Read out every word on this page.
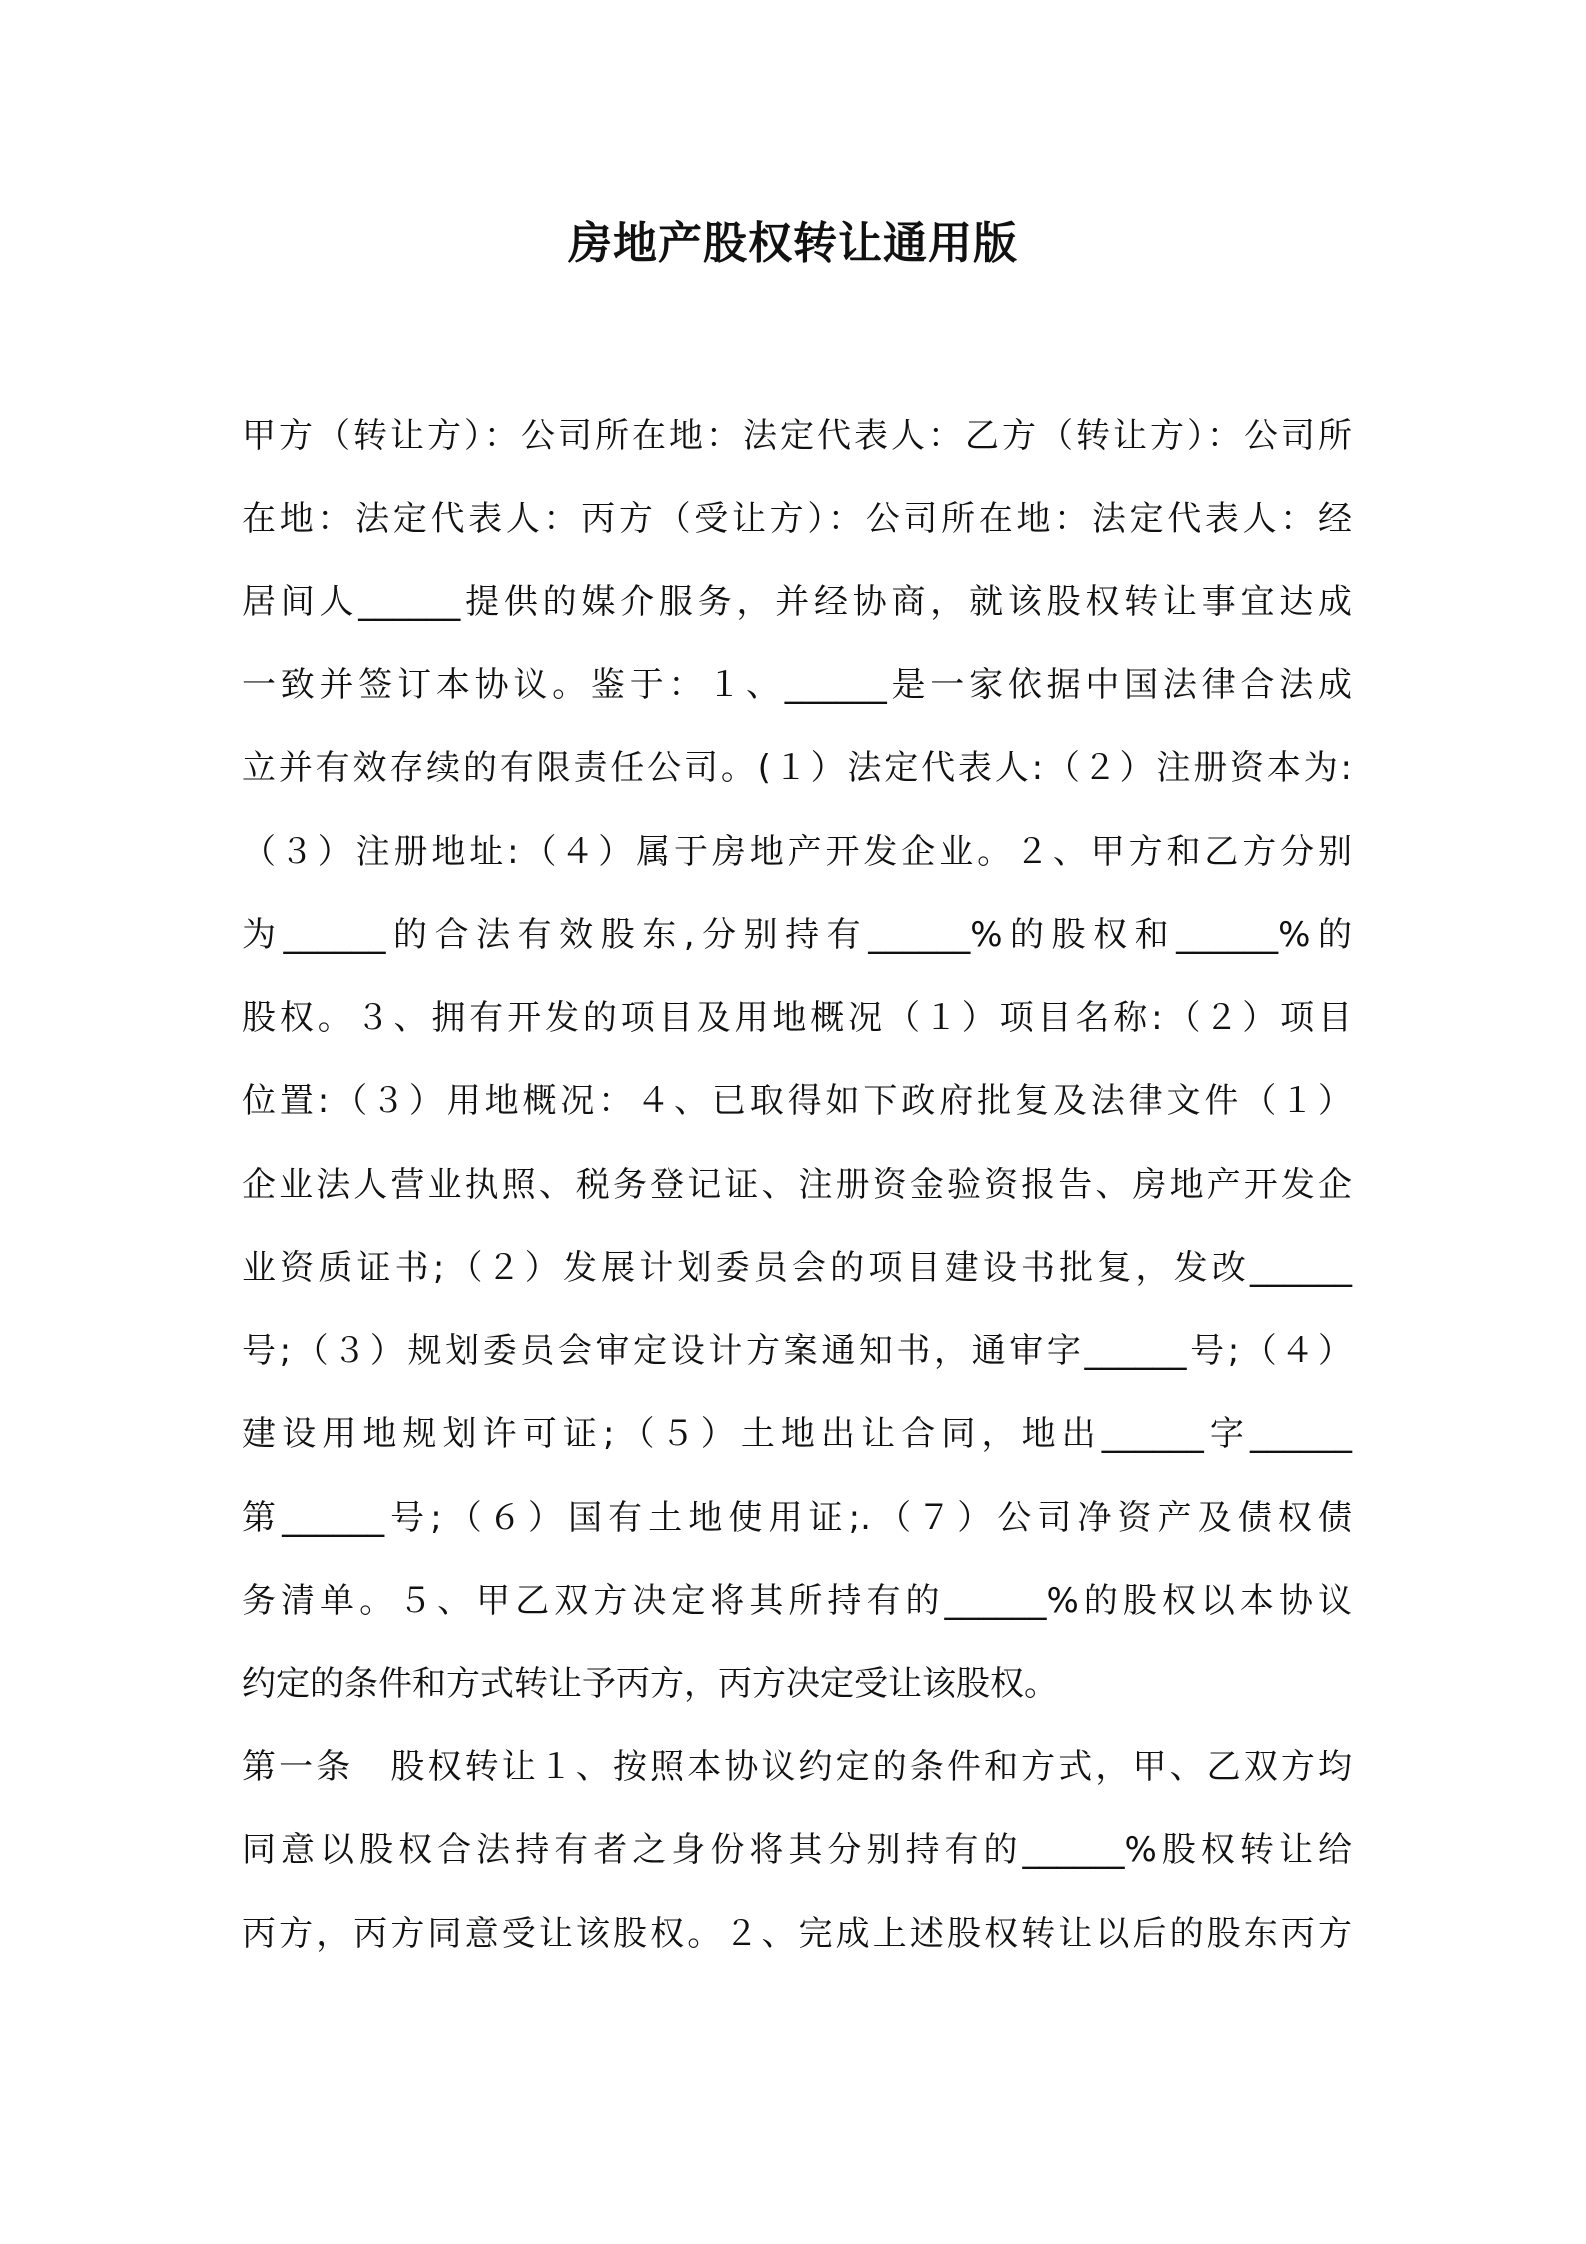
房地产股权转让通用版
甲方（转让方）：公司所在地：法定代表人：乙方（转让方）：公司所
在地：法定代表人：丙方（受让方）：公司所在地：法定代表人：经
居间人______提供的媒介服务，并经协商，就该股权转让事宜达成
一致并签订本协议。鉴于：１、______是一家依据中国法律合法成
立并有效存续的有限责任公司。(１）法定代表人:（２）注册资本为:
（３）注册地址:（４）属于房地产开发企业。２、甲方和乙方分别
为______的合法有效股东,分别持有______%的股权和______%的
股权。３、拥有开发的项目及用地概况（１）项目名称:（２）项目
位置:（３）用地概况：４、已取得如下政府批复及法律文件（１）
企业法人营业执照、税务登记证、注册资金验资报告、房地产开发企
业资质证书;（２）发展计划委员会的项目建设书批复，发改______
号;（３）规划委员会审定设计方案通知书，通审字______号;（４）
建设用地规划许可证;（５）土地出让合同，地出______字______
第______号;（６）国有土地使用证;.（７）公司净资产及债权债
务清单。５、甲乙双方决定将其所持有的______%的股权以本协议
约定的条件和方式转让予丙方，丙方决定受让该股权。
第一条　股权转让１、按照本协议约定的条件和方式，甲、乙双方均
同意以股权合法持有者之身份将其分别持有的______%股权转让给
丙方，丙方同意受让该股权。２、完成上述股权转让以后的股东丙方
